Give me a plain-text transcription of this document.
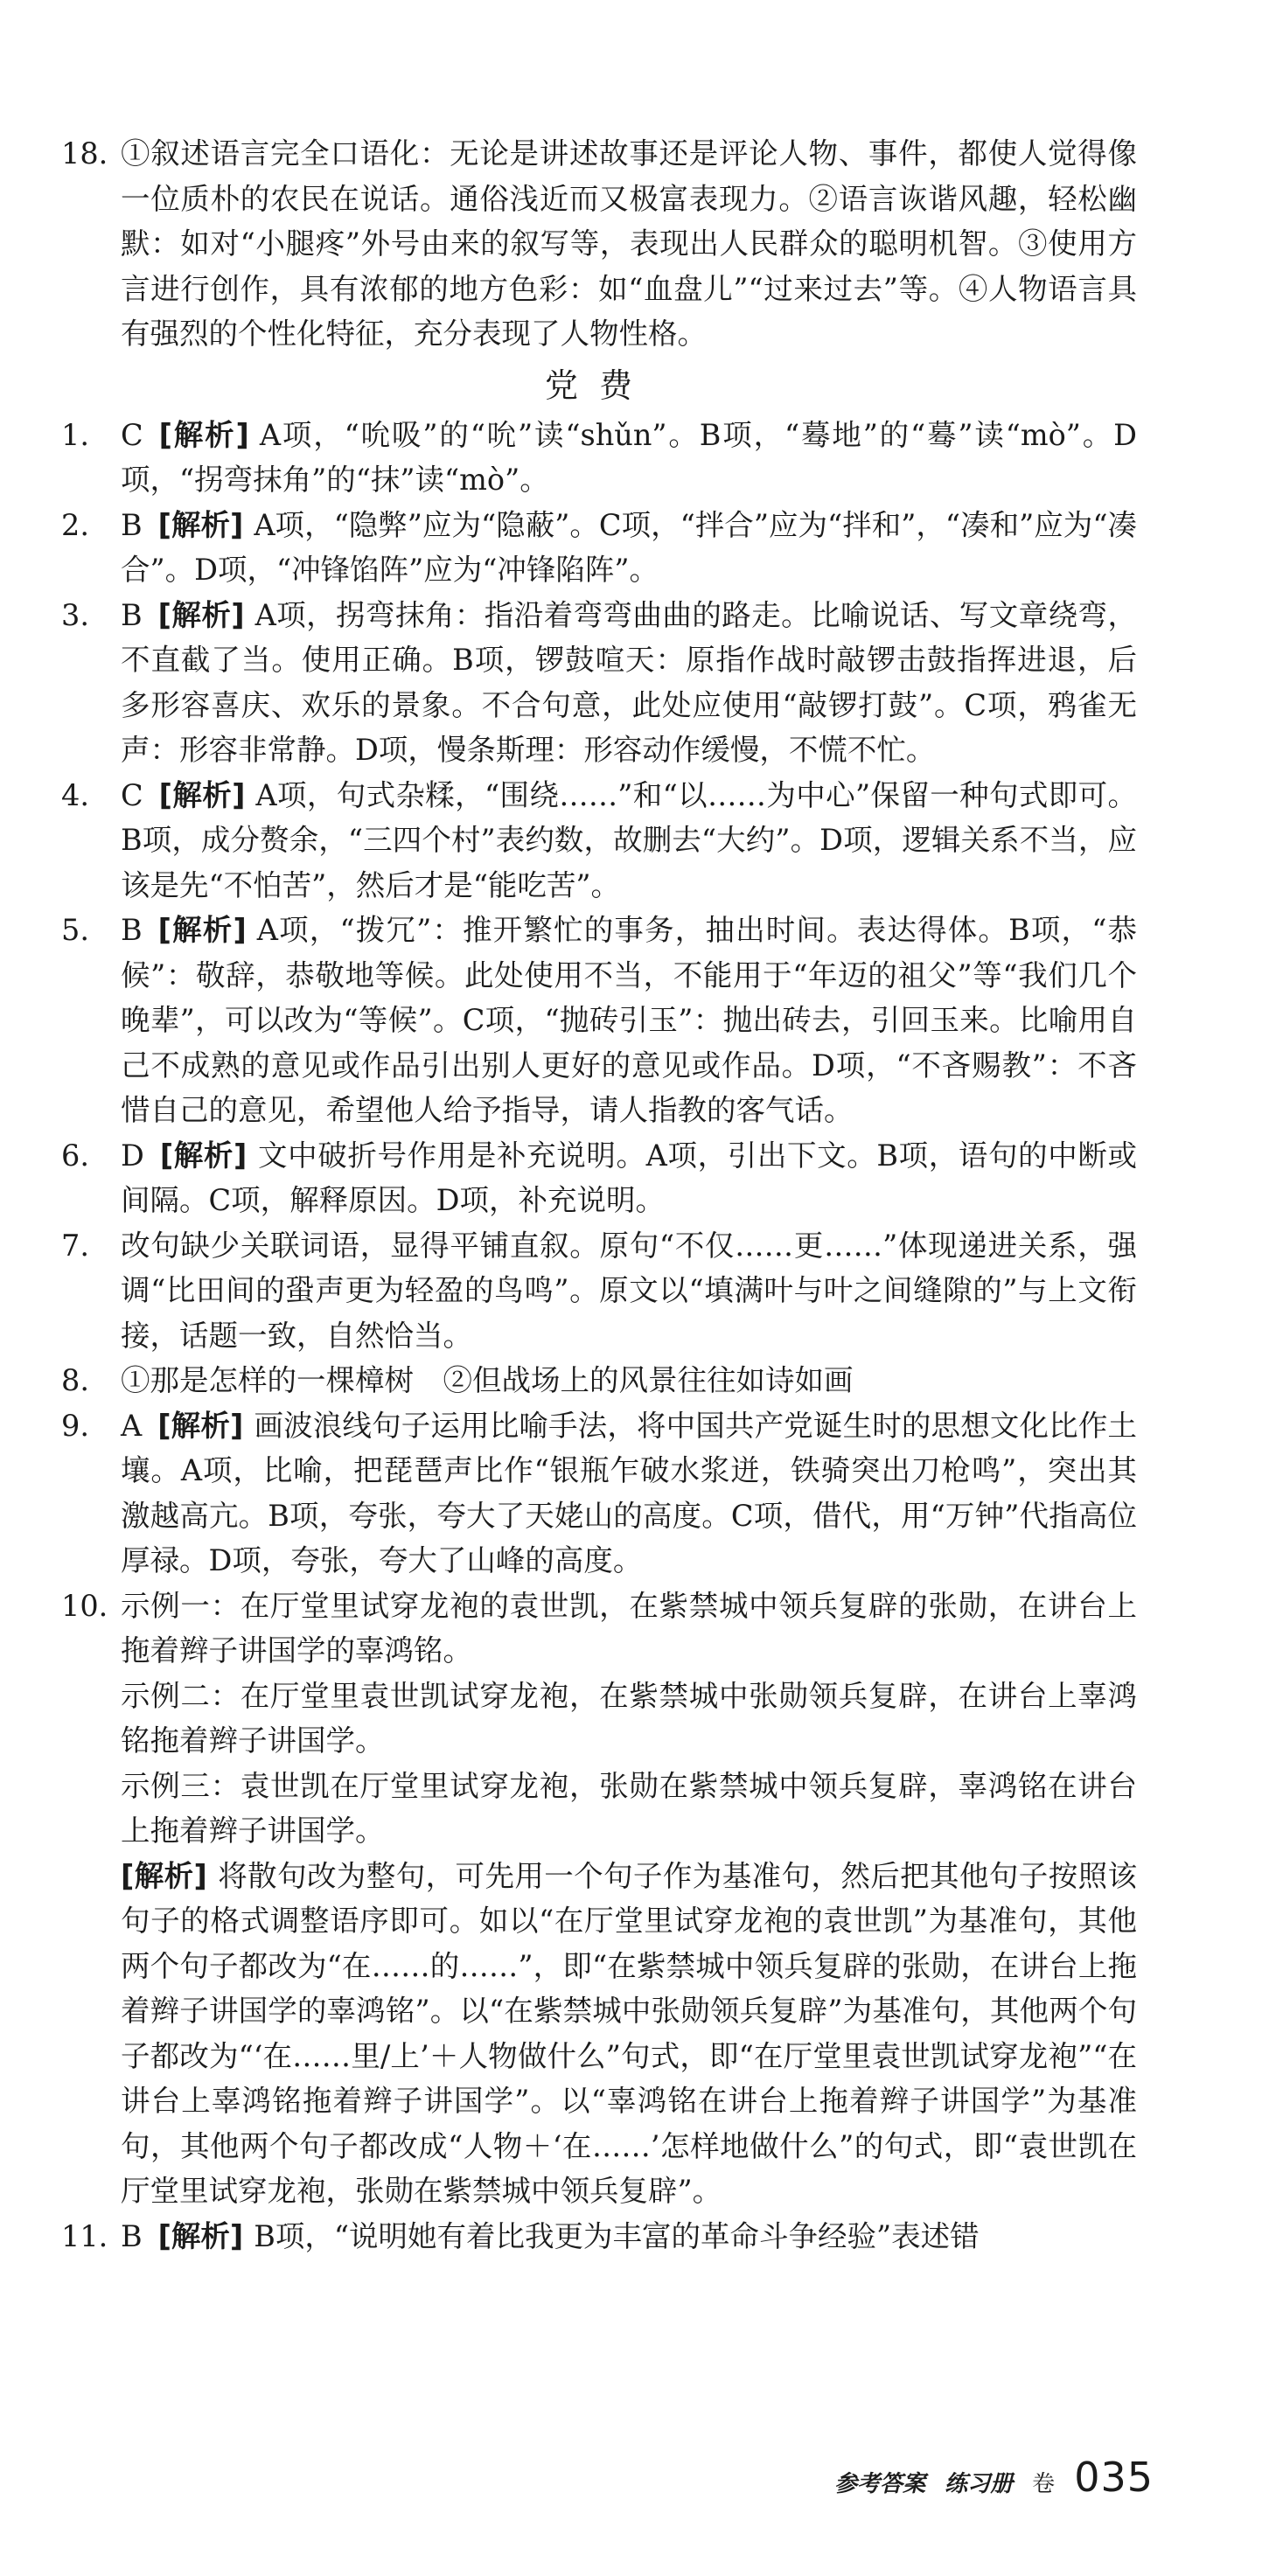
18. ①叙述语言完全口语化：无论是讲述故事还是评论人物、事件，都使人觉得像一位质朴的农民在说话。通俗浅近而又极富表现力。②语言诙谐风趣，轻松幽默：如对“小腿疼”外号由来的叙写等，表现出人民群众的聪明机智。③使用方言进行创作，具有浓郁的地方色彩：如“血盘儿”“过来过去”等。④人物语言具有强烈的个性化特征，充分表现了人物性格。
党费
1. C [解析] A项，“吮吸”的“吮”读“shǔn”。B项，“蓦地”的“蓦”读“mò”。D项，“拐弯抹角”的“抹”读“mò”。
2. B [解析] A项，“隐弊”应为“隐蔽”。C项，“拌合”应为“拌和”，“凑和”应为“凑合”。D项，“冲锋馅阵”应为“冲锋陷阵”。
3. B [解析] A项，拐弯抹角：指沿着弯弯曲曲的路走。比喻说话、写文章绕弯，不直截了当。使用正确。B项，锣鼓喧天：原指作战时敲锣击鼓指挥进退，后多形容喜庆、欢乐的景象。不合句意，此处应使用“敲锣打鼓”。C项，鸦雀无声：形容非常静。D项，慢条斯理：形容动作缓慢，不慌不忙。
4. C [解析] A项，句式杂糅，“围绕……”和“以……为中心”保留一种句式即可。B项，成分赘余，“三四个村”表约数，故删去“大约”。D项，逻辑关系不当，应该是先“不怕苦”，然后才是“能吃苦”。
5. B [解析] A项，“拨冗”：推开繁忙的事务，抽出时间。表达得体。B项，“恭候”：敬辞，恭敬地等候。此处使用不当，不能用于“年迈的祖父”等“我们几个晚辈”，可以改为“等候”。C项，“抛砖引玉”：抛出砖去，引回玉来。比喻用自己不成熟的意见或作品引出别人更好的意见或作品。D项，“不吝赐教”：不吝惜自己的意见，希望他人给予指导，请人指教的客气话。
6. D [解析] 文中破折号作用是补充说明。A项，引出下文。B项，语句的中断或间隔。C项，解释原因。D项，补充说明。
7. 改句缺少关联词语，显得平铺直叙。原句“不仅……更……”体现递进关系，强调“比田间的蛩声更为轻盈的鸟鸣”。原文以“填满叶与叶之间缝隙的”与上文衔接，话题一致，自然恰当。
8. ①那是怎样的一棵樟树　②但战场上的风景往往如诗如画
9. A [解析] 画波浪线句子运用比喻手法，将中国共产党诞生时的思想文化比作土壤。A项，比喻，把琵琶声比作“银瓶乍破水浆迸，铁骑突出刀枪鸣”，突出其激越高亢。B项，夸张，夸大了天姥山的高度。C项，借代，用“万钟”代指高位厚禄。D项，夸张，夸大了山峰的高度。
10. 示例一：在厅堂里试穿龙袍的袁世凯，在紫禁城中领兵复辟的张勋，在讲台上拖着辫子讲国学的辜鸿铭。

示例二：在厅堂里袁世凯试穿龙袍，在紫禁城中张勋领兵复辟，在讲台上辜鸿铭拖着辫子讲国学。

示例三：袁世凯在厅堂里试穿龙袍，张勋在紫禁城中领兵复辟，辜鸿铭在讲台上拖着辫子讲国学。

[解析] 将散句改为整句，可先用一个句子作为基准句，然后把其他句子按照该句子的格式调整语序即可。如以“在厅堂里试穿龙袍的袁世凯”为基准句，其他两个句子都改为“在……的……”，即“在紫禁城中领兵复辟的张勋，在讲台上拖着辫子讲国学的辜鸿铭”。以“在紫禁城中张勋领兵复辟”为基准句，其他两个句子都改为“‘在……里/上’＋人物做什么”句式，即“在厅堂里袁世凯试穿龙袍”“在讲台上辜鸿铭拖着辫子讲国学”。以“辜鸿铭在讲台上拖着辫子讲国学”为基准句，其他两个句子都改成“人物＋‘在……’怎样地做什么”的句式，即“袁世凯在厅堂里试穿龙袍，张勋在紫禁城中领兵复辟”。

11. B [解析] B项，“说明她有着比我更为丰富的革命斗争经验”表述错
参考答案 练习册 卷 035
